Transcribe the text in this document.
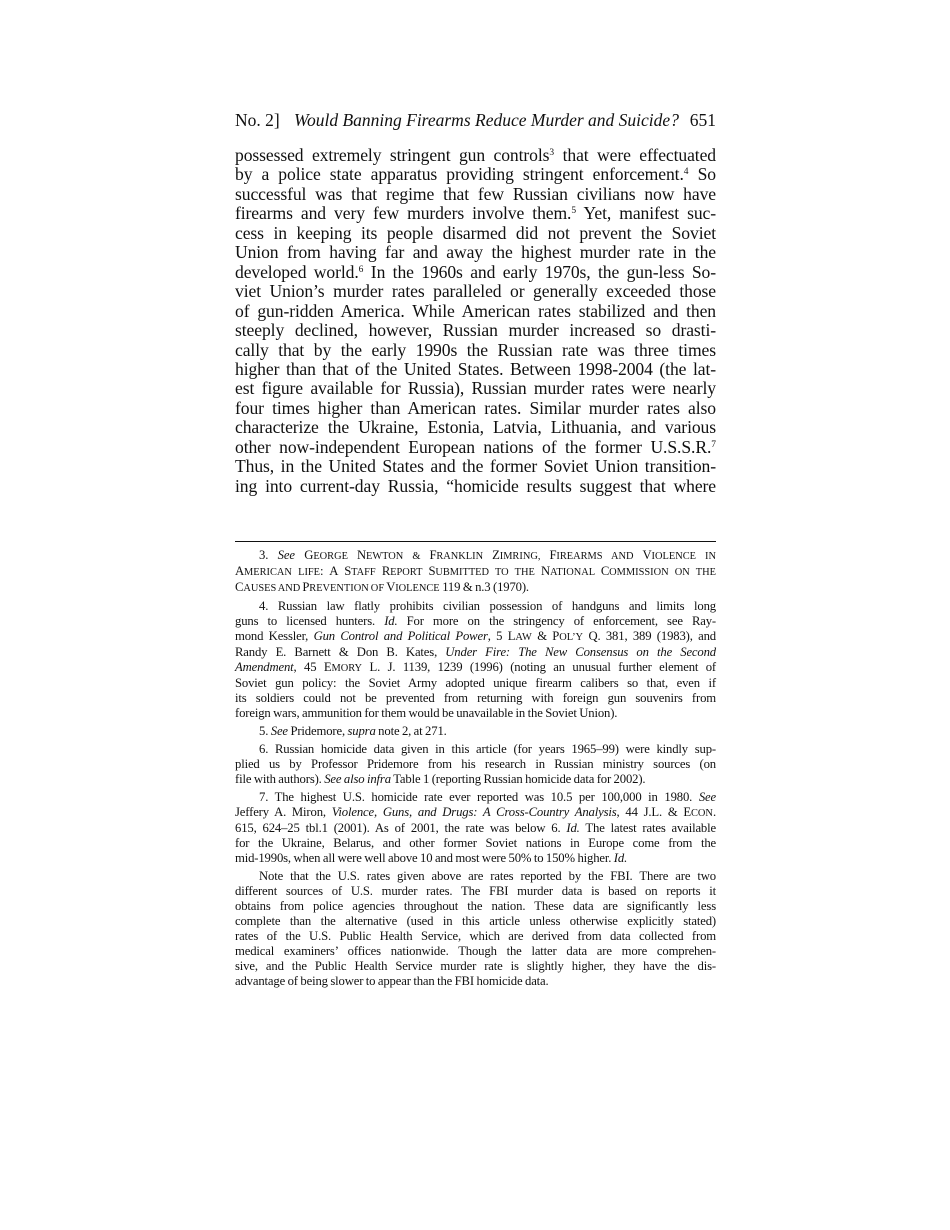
No. 2] Would Banning Firearms Reduce Murder and Suicide? 651
possessed extremely stringent gun controls$^3$ that were effectuated
by a police state apparatus providing stringent enforcement.$^4$ So
successful was that regime that few Russian civilians now have
firearms and very few murders involve them.$^5$ Yet, manifest suc-
cess in keeping its people disarmed did not prevent the Soviet
Union from having far and away the highest murder rate in the
developed world.$^6$ In the 1960s and early 1970s, the gun-less So-
viet Union’s murder rates paralleled or generally exceeded those
of gun-ridden America. While American rates stabilized and then
steeply declined, however, Russian murder increased so drasti-
cally that by the early 1990s the Russian rate was three times
higher than that of the United States. Between 1998-2004 (the lat-
est figure available for Russia), Russian murder rates were nearly
four times higher than American rates. Similar murder rates also
characterize the Ukraine, Estonia, Latvia, Lithuania, and various
other now-independent European nations of the former U.S.S.R.$^7$
Thus, in the United States and the former Soviet Union transition-
ing into current-day Russia, “homicide results suggest that where
3. See GEORGE NEWTON & FRANKLIN ZIMRING, FIREARMS AND VIOLENCE IN
AMERICAN LIFE: A STAFF REPORT SUBMITTED TO THE NATIONAL COMMISSION ON THE
CAUSES AND PREVENTION OF VIOLENCE 119 & n.3 (1970).
4. Russian law flatly prohibits civilian possession of handguns and limits long
guns to licensed hunters. Id. For more on the stringency of enforcement, see Ray-
mond Kessler, Gun Control and Political Power, 5 LAW & POL’Y Q. 381, 389 (1983), and
Randy E. Barnett & Don B. Kates, Under Fire: The New Consensus on the Second
Amendment, 45 EMORY L. J. 1139, 1239 (1996) (noting an unusual further element of
Soviet gun policy: the Soviet Army adopted unique firearm calibers so that, even if
its soldiers could not be prevented from returning with foreign gun souvenirs from
foreign wars, ammunition for them would be unavailable in the Soviet Union).
5. See Pridemore, supra note 2, at 271.
6. Russian homicide data given in this article (for years 1965–99) were kindly sup-
plied us by Professor Pridemore from his research in Russian ministry sources (on
file with authors). See also infra Table 1 (reporting Russian homicide data for 2002).
7. The highest U.S. homicide rate ever reported was 10.5 per 100,000 in 1980. See
Jeffery A. Miron, Violence, Guns, and Drugs: A Cross-Country Analysis, 44 J.L. & ECON.
615, 624–25 tbl.1 (2001). As of 2001, the rate was below 6. Id. The latest rates available
for the Ukraine, Belarus, and other former Soviet nations in Europe come from the
mid-1990s, when all were well above 10 and most were 50% to 150% higher. Id.
Note that the U.S. rates given above are rates reported by the FBI. There are two
different sources of U.S. murder rates. The FBI murder data is based on reports it
obtains from police agencies throughout the nation. These data are significantly less
complete than the alternative (used in this article unless otherwise explicitly stated)
rates of the U.S. Public Health Service, which are derived from data collected from
medical examiners’ offices nationwide. Though the latter data are more comprehen-
sive, and the Public Health Service murder rate is slightly higher, they have the dis-
advantage of being slower to appear than the FBI homicide data.
